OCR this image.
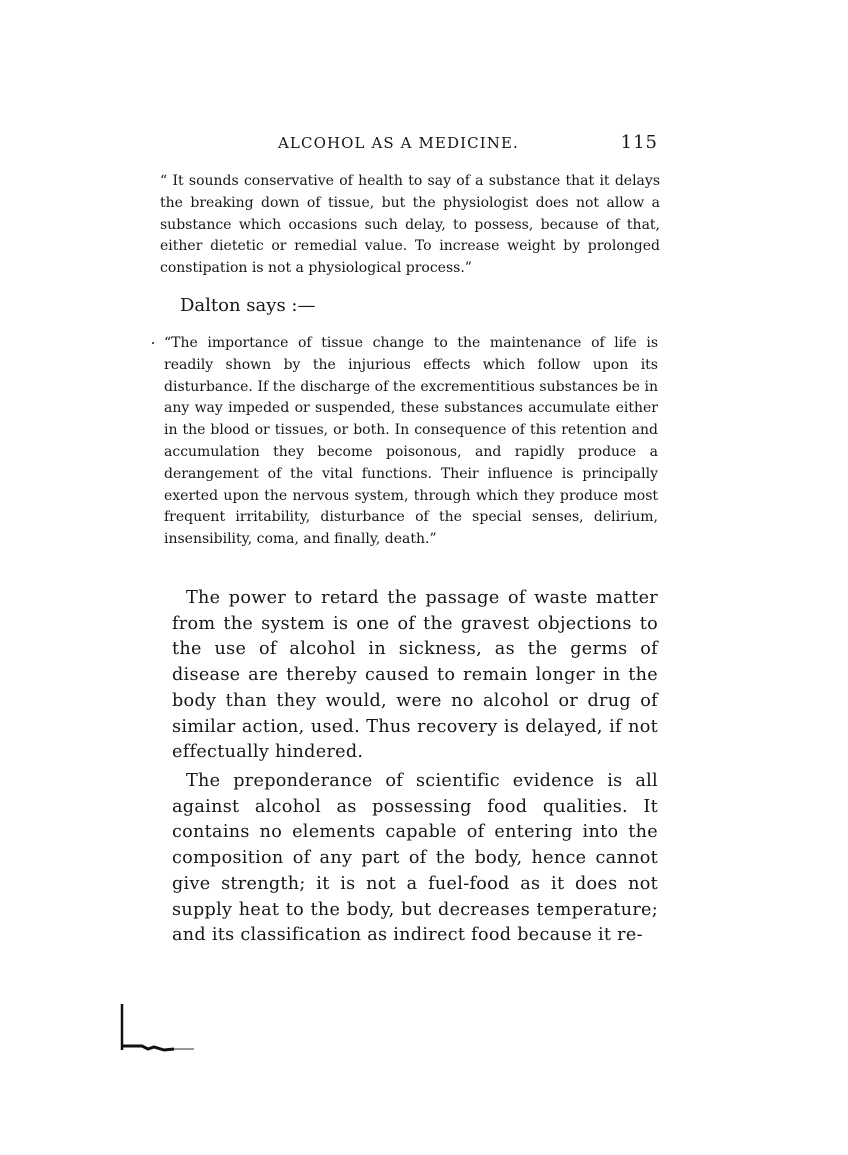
ALCOHOL AS A MEDICINE.	115

“ It sounds conservative of health to say of a substance that it delays the breaking down of tissue, but the physiologist does not allow a substance which occasions such delay, to possess, because of that, either dietetic or remedial value. To increase weight by prolonged constipation is not a physiological process.”

Dalton says :—

“The importance of tissue change to the maintenance of life is readily shown by the injurious effects which follow upon its disturbance. If the discharge of the excrementitious substances be in any way impeded or suspended, these substances accumulate either in the blood or tissues, or both. In consequence of this retention and accumulation they become poisonous, and rapidly produce a derangement of the vital functions. Their influence is principally exerted upon the nervous system, through which they produce most frequent irritability, disturbance of the special senses, delirium, insensibility, coma, and finally, death.”

The power to retard the passage of waste matter from the system is one of the gravest objections to the use of alcohol in sickness, as the germs of disease are thereby caused to remain longer in the body than they would, were no alcohol or drug of similar action, used. Thus recovery is delayed, if not effectually hindered.

The preponderance of scientific evidence is all against alcohol as possessing food qualities. It contains no elements capable of entering into the composition of any part of the body, hence cannot give strength; it is not a fuel-food as it does not supply heat to the body, but decreases temperature; and its classification as indirect food because it re-
